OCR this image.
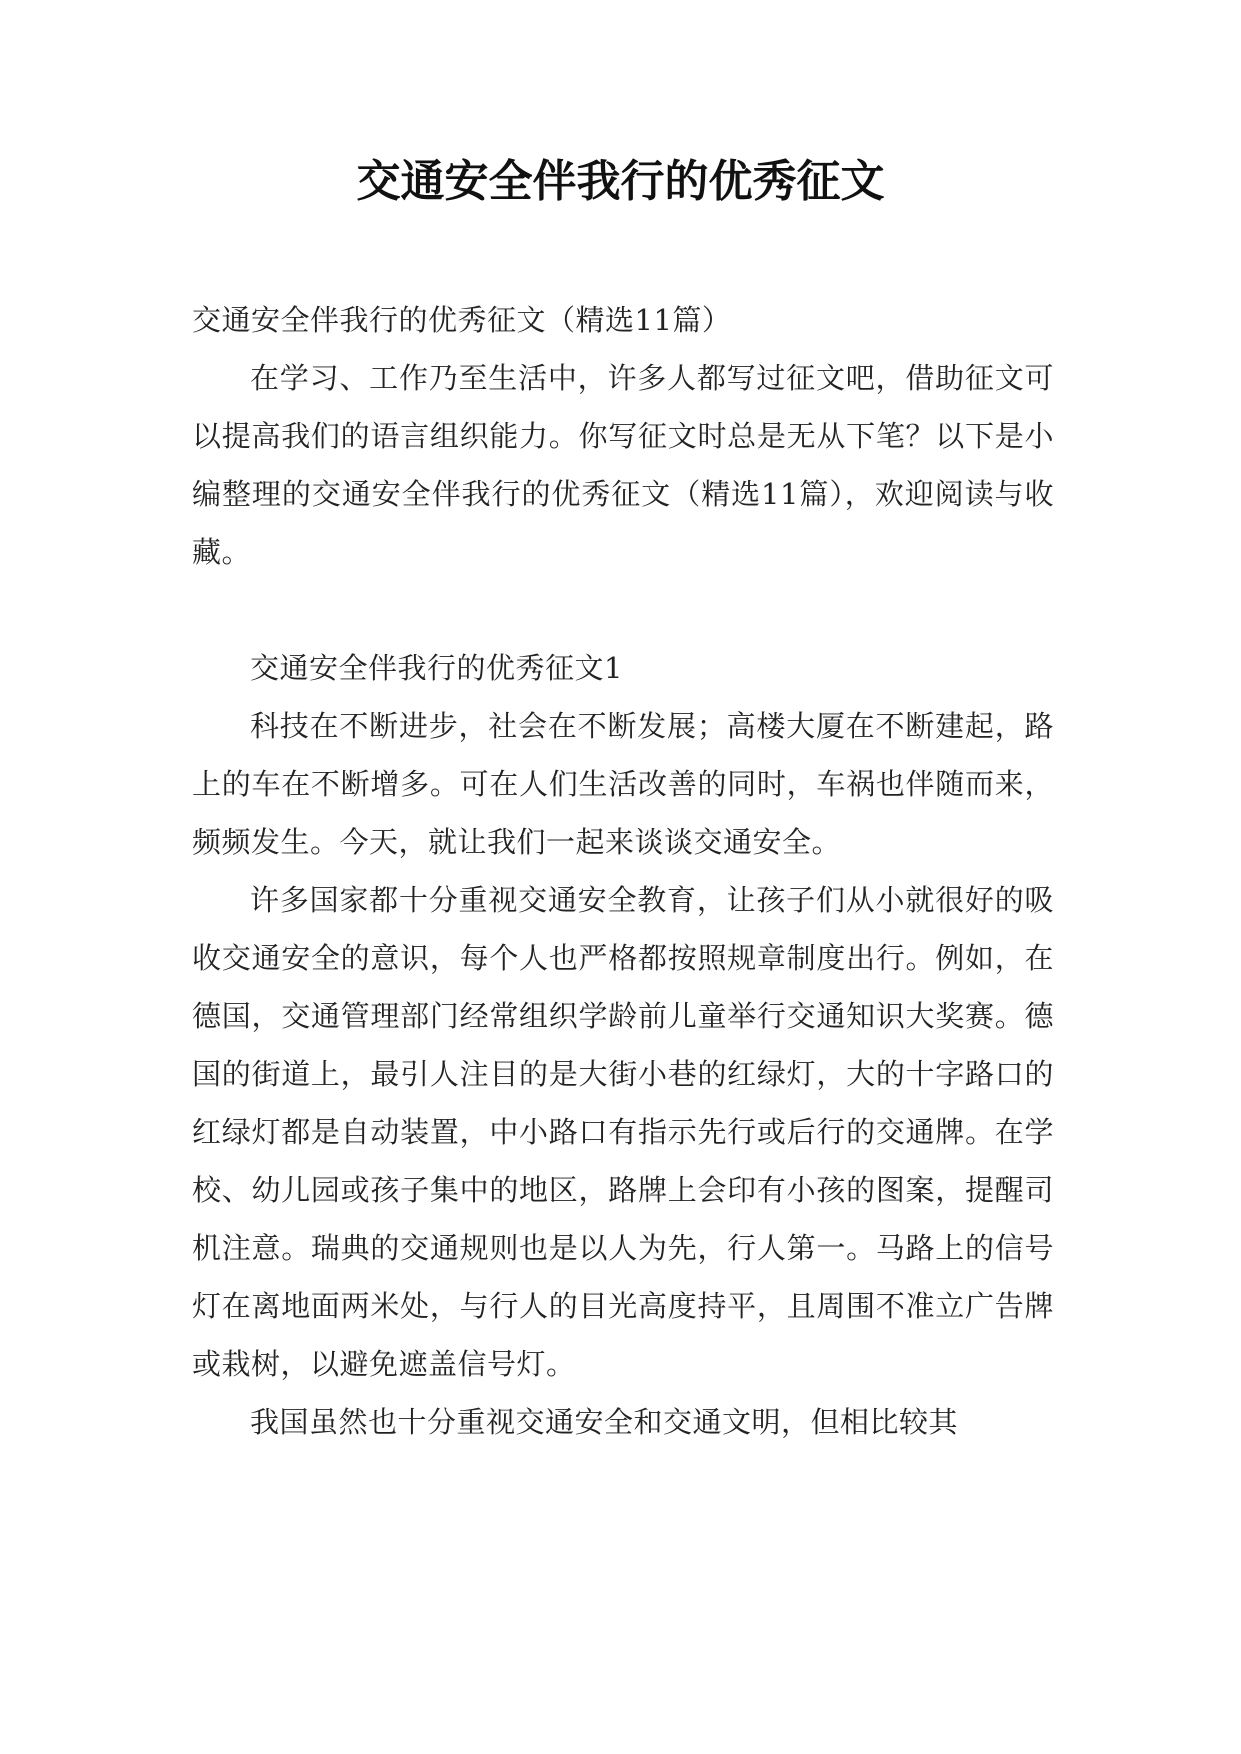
交通安全伴我行的优秀征文

交通安全伴我行的优秀征文（精选11篇）

在学习、工作乃至生活中，许多人都写过征文吧，借助征文可以提高我们的语言组织能力。你写征文时总是无从下笔？以下是小编整理的交通安全伴我行的优秀征文（精选11篇），欢迎阅读与收藏。

交通安全伴我行的优秀征文1

科技在不断进步，社会在不断发展；高楼大厦在不断建起，路上的车在不断增多。可在人们生活改善的同时，车祸也伴随而来，频频发生。今天，就让我们一起来谈谈交通安全。

许多国家都十分重视交通安全教育，让孩子们从小就很好的吸收交通安全的意识，每个人也严格都按照规章制度出行。例如，在德国，交通管理部门经常组织学龄前儿童举行交通知识大奖赛。德国的街道上，最引人注目的是大街小巷的红绿灯，大的十字路口的红绿灯都是自动装置，中小路口有指示先行或后行的交通牌。在学校、幼儿园或孩子集中的地区，路牌上会印有小孩的图案，提醒司机注意。瑞典的交通规则也是以人为先，行人第一。马路上的信号灯在离地面两米处，与行人的目光高度持平，且周围不准立广告牌或栽树，以避免遮盖信号灯。

我国虽然也十分重视交通安全和交通文明，但相比较其
